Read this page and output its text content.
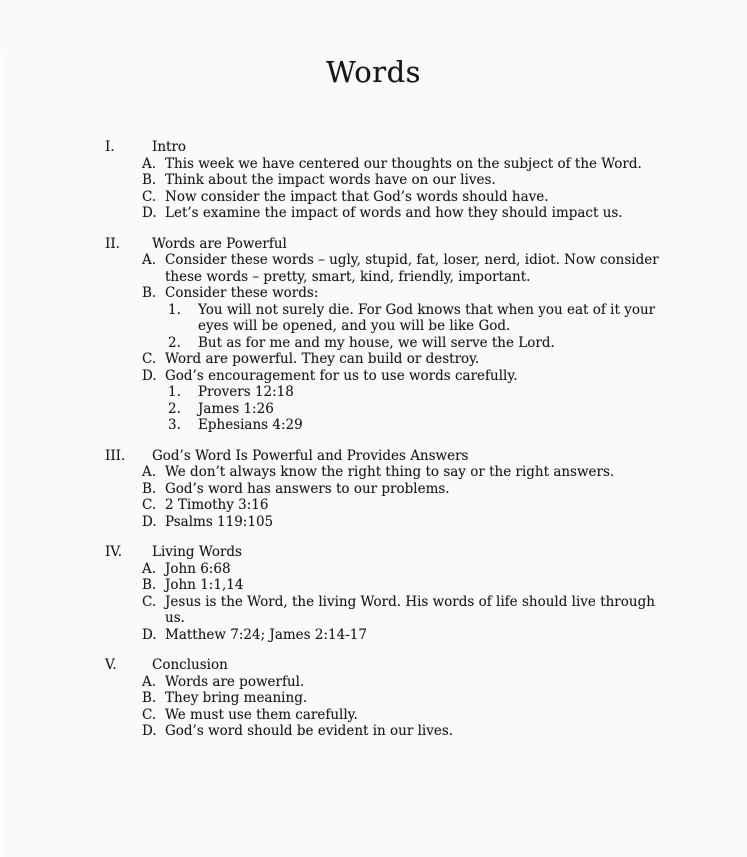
Words
I.	Intro
A. This week we have centered our thoughts on the subject of the Word.
B. Think about the impact words have on our lives.
C. Now consider the impact that God’s words should have.
D. Let’s examine the impact of words and how they should impact us.
II.	Words are Powerful
A. Consider these words – ugly, stupid, fat, loser, nerd, idiot. Now consider these words – pretty, smart, kind, friendly, important.
B. Consider these words:
1.	You will not surely die. For God knows that when you eat of it your eyes will be opened, and you will be like God.
2.	But as for me and my house, we will serve the Lord.
C. Word are powerful. They can build or destroy.
D. God’s encouragement for us to use words carefully.
1.	Provers 12:18
2.	James 1:26
3.	Ephesians 4:29
III.	God’s Word Is Powerful and Provides Answers
A. We don’t always know the right thing to say or the right answers.
B. God’s word has answers to our problems.
C. 2 Timothy 3:16
D. Psalms 119:105
IV.	Living Words
A. John 6:68
B. John 1:1,14
C. Jesus is the Word, the living Word. His words of life should live through us.
D. Matthew 7:24; James 2:14-17
V.	Conclusion
A. Words are powerful.
B. They bring meaning.
C. We must use them carefully.
D. God’s word should be evident in our lives.
